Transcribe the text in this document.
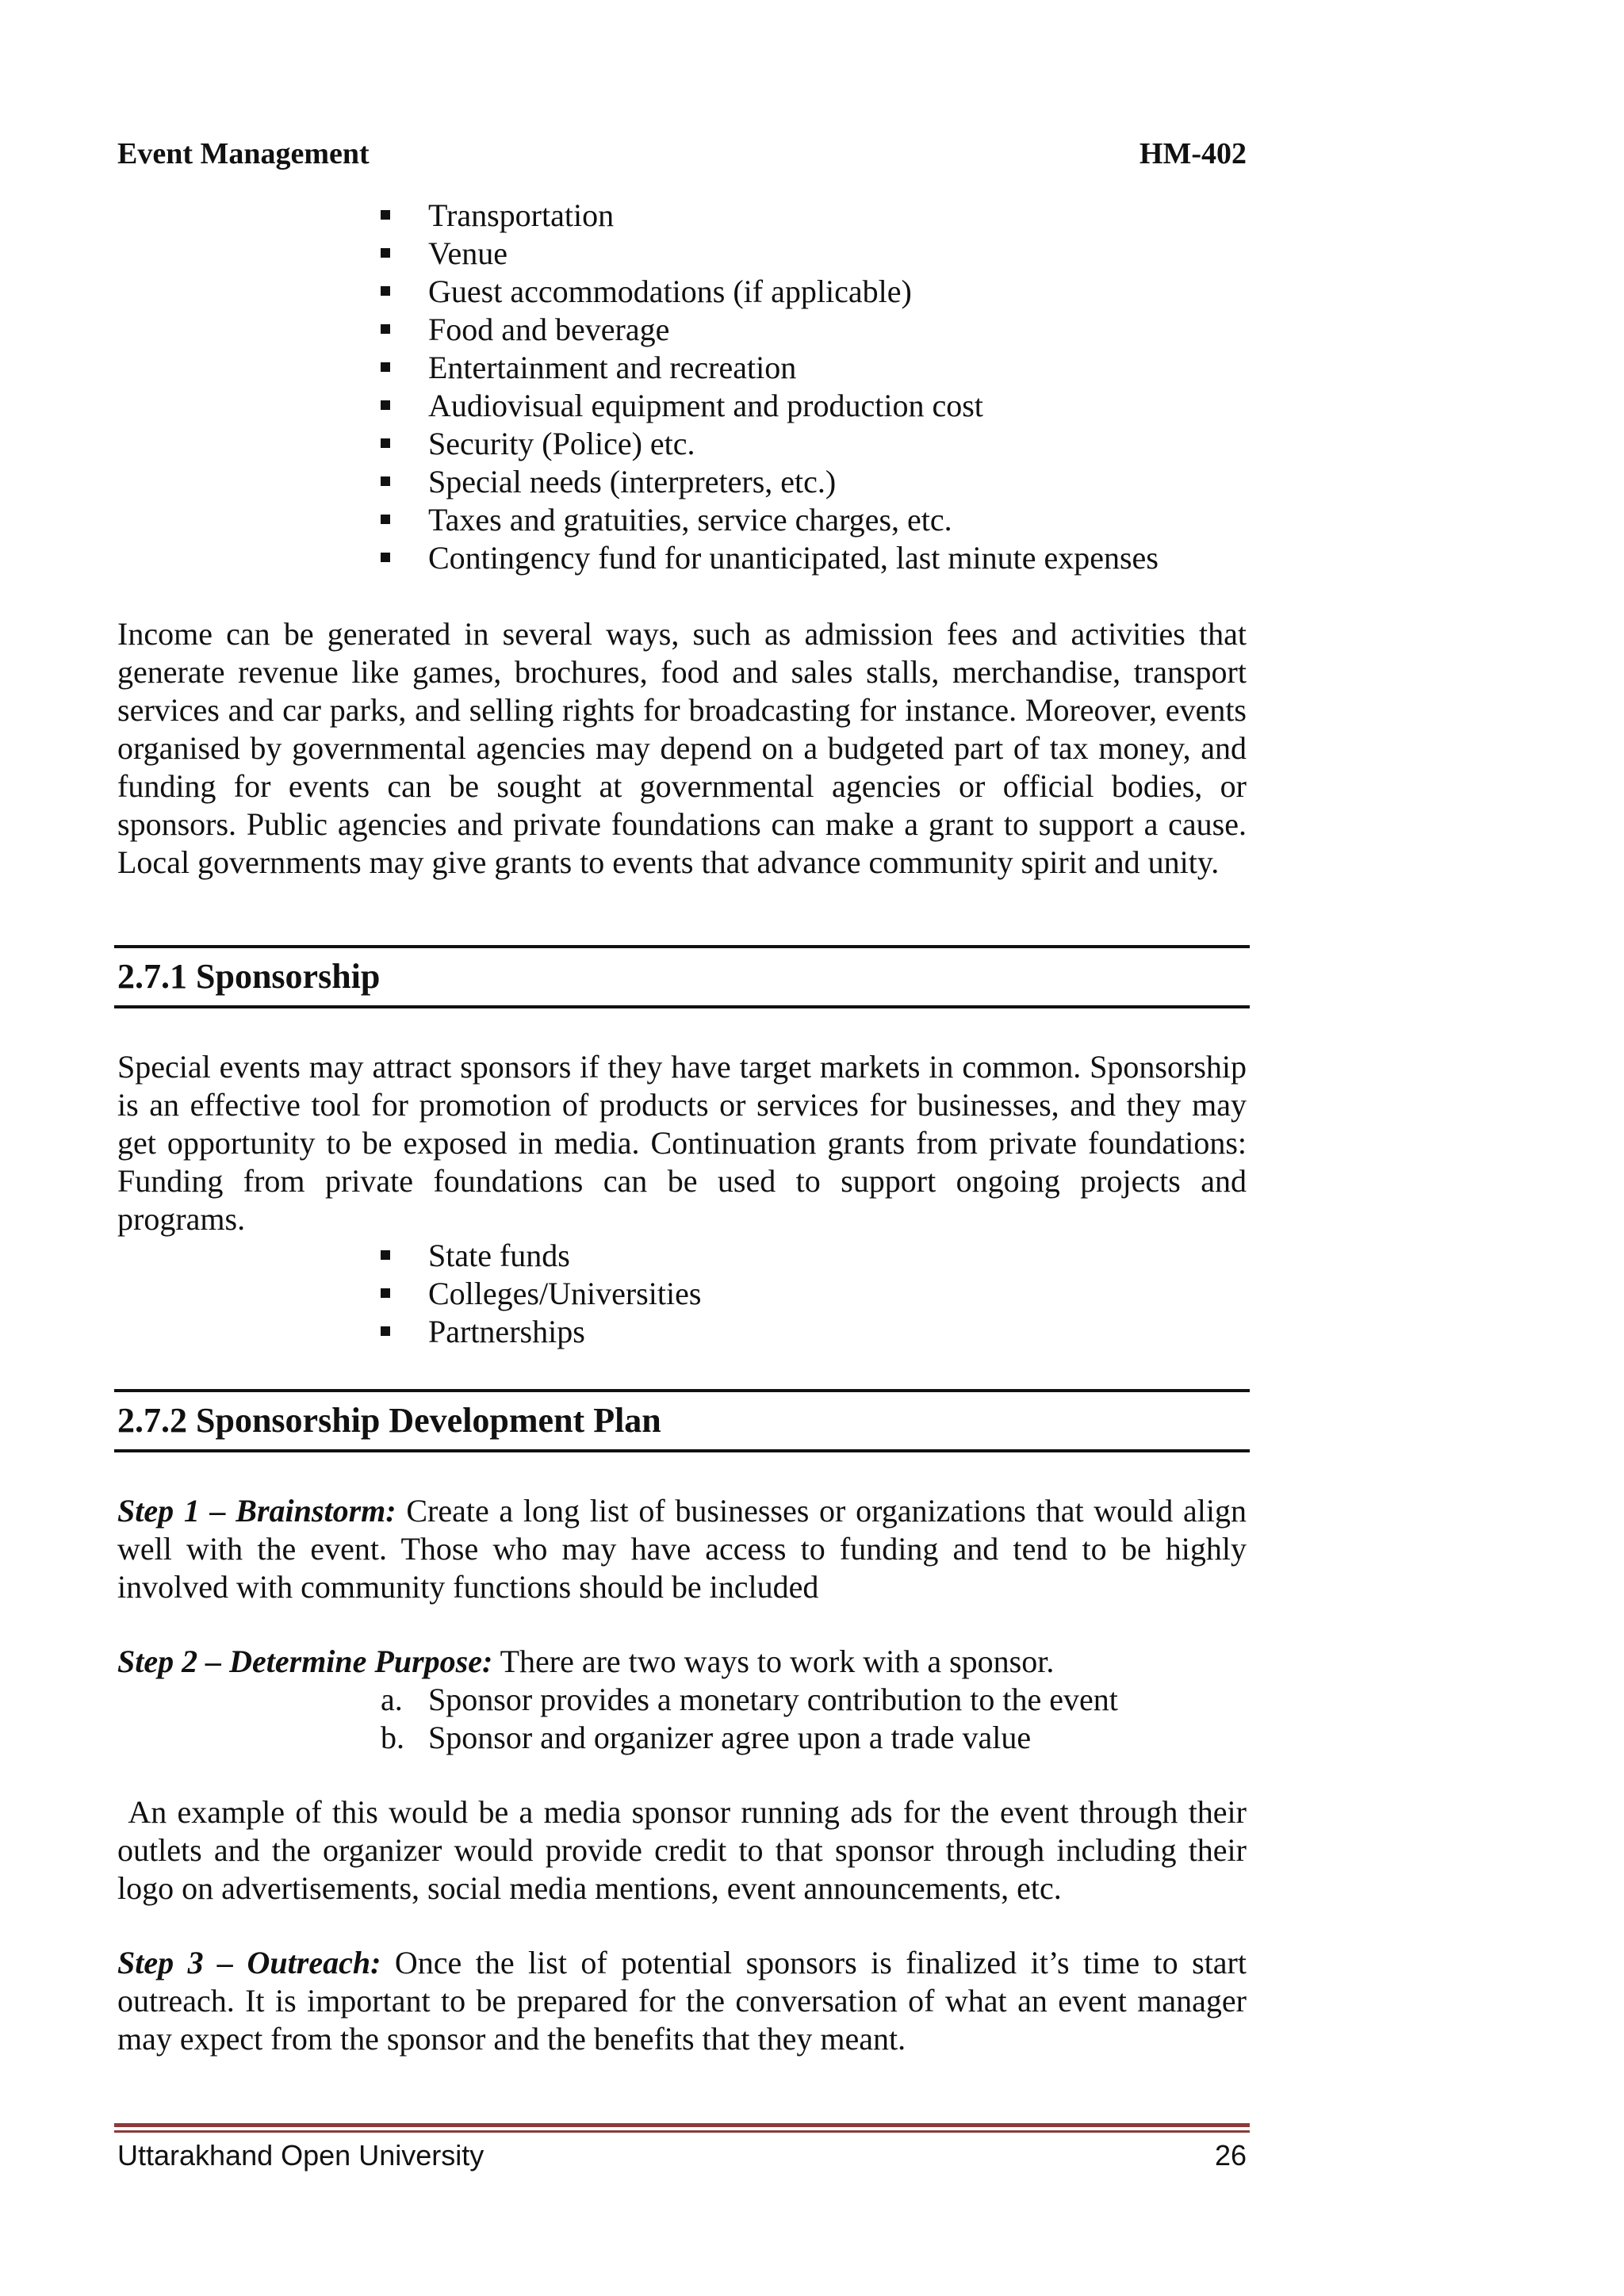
Event Management	HM-402
Transportation
Venue
Guest accommodations (if applicable)
Food and beverage
Entertainment and recreation
Audiovisual equipment and production cost
Security (Police) etc.
Special needs (interpreters, etc.)
Taxes and gratuities, service charges, etc.
Contingency fund for unanticipated, last minute expenses

Income can be generated in several ways, such as admission fees and activities that generate revenue like games, brochures, food and sales stalls, merchandise, transport services and car parks, and selling rights for broadcasting for instance. Moreover, events organised by governmental agencies may depend on a budgeted part of tax money, and funding for events can be sought at governmental agencies or official bodies, or sponsors. Public agencies and private foundations can make a grant to support a cause. Local governments may give grants to events that advance community spirit and unity.

2.7.1 Sponsorship

Special events may attract sponsors if they have target markets in common. Sponsorship is an effective tool for promotion of products or services for businesses, and they may get opportunity to be exposed in media. Continuation grants from private foundations: Funding from private foundations can be used to support ongoing projects and programs.

State funds
Colleges/Universities
Partnerships
2.7.2 Sponsorship Development Plan

Step 1 – Brainstorm: Create a long list of businesses or organizations that would align well with the event. Those who may have access to funding and tend to be highly involved with community functions should be included

Step 2 – Determine Purpose: There are two ways to work with a sponsor.

a. Sponsor provides a monetary contribution to the event
b. Sponsor and organizer agree upon a trade value

An example of this would be a media sponsor running ads for the event through their outlets and the organizer would provide credit to that sponsor through including their logo on advertisements, social media mentions, event announcements, etc.

Step 3 – Outreach: Once the list of potential sponsors is finalized it’s time to start outreach. It is important to be prepared for the conversation of what an event manager may expect from the sponsor and the benefits that they meant.

Uttarakhand Open University	26
